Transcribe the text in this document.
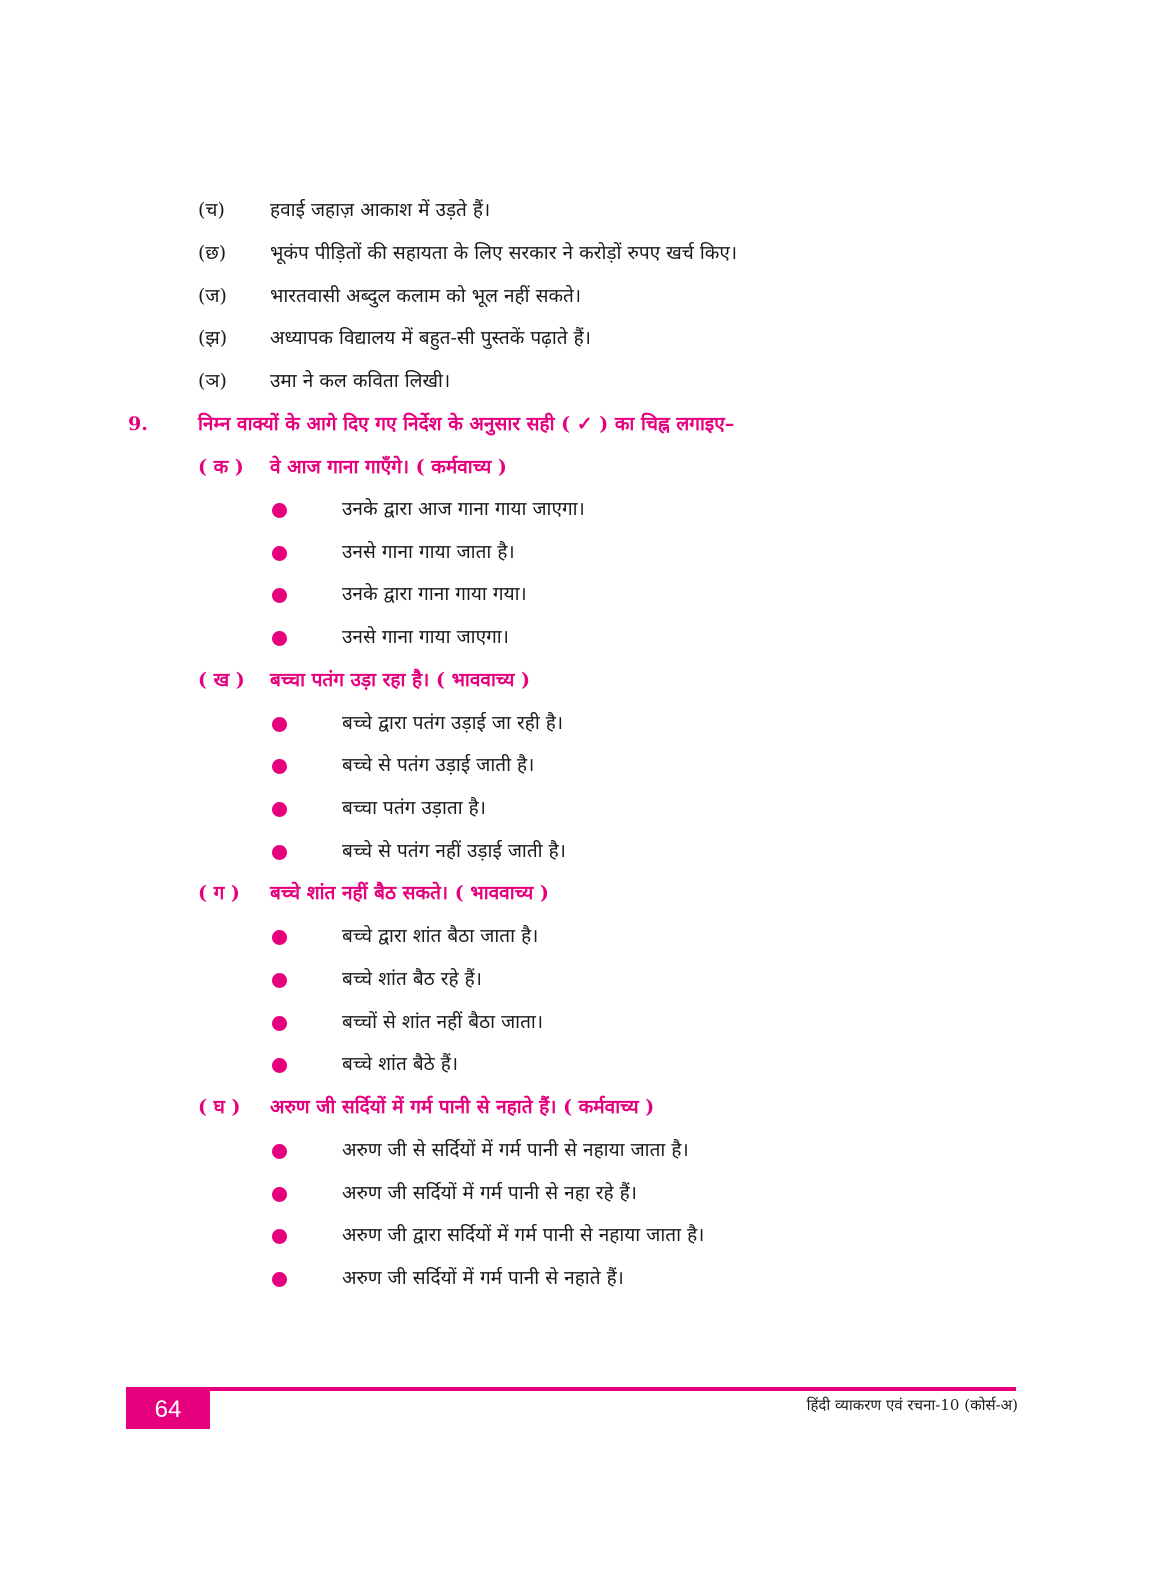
(च) हवाई जहाज़ आकाश में उड़ते हैं।
(छ) भूकंप पीड़ितों की सहायता के लिए सरकार ने करोड़ों रुपए खर्च किए।
(ज) भारतवासी अब्दुल कलाम को भूल नहीं सकते।
(झ) अध्यापक विद्यालय में बहुत-सी पुस्तकें पढ़ाते हैं।
(ञ) उमा ने कल कविता लिखी।
9.	निम्न वाक्यों के आगे दिए गए निर्देश के अनुसार सही ( ✓ ) का चिह्न लगाइए–
( क ) वे आज गाना गाएँगे। ( कर्मवाच्य )
उनके द्वारा आज गाना गाया जाएगा।
उनसे गाना गाया जाता है।
उनके द्वारा गाना गाया गया।
उनसे गाना गाया जाएगा।
( ख ) बच्चा पतंग उड़ा रहा है। ( भाववाच्य )
बच्चे द्वारा पतंग उड़ाई जा रही है।
बच्चे से पतंग उड़ाई जाती है।
बच्चा पतंग उड़ाता है।
बच्चे से पतंग नहीं उड़ाई जाती है।
( ग ) बच्चे शांत नहीं बैठ सकते। ( भाववाच्य )
बच्चे द्वारा शांत बैठा जाता है।
बच्चे शांत बैठ रहे हैं।
बच्चों से शांत नहीं बैठा जाता।
बच्चे शांत बैठे हैं।
( घ ) अरुण जी सर्दियों में गर्म पानी से नहाते हैं। ( कर्मवाच्य )
अरुण जी से सर्दियों में गर्म पानी से नहाया जाता है।
अरुण जी सर्दियों में गर्म पानी से नहा रहे हैं।
अरुण जी द्वारा सर्दियों में गर्म पानी से नहाया जाता है।
अरुण जी सर्दियों में गर्म पानी से नहाते हैं।
64	हिंदी व्याकरण एवं रचना-10 (कोर्स-अ)
